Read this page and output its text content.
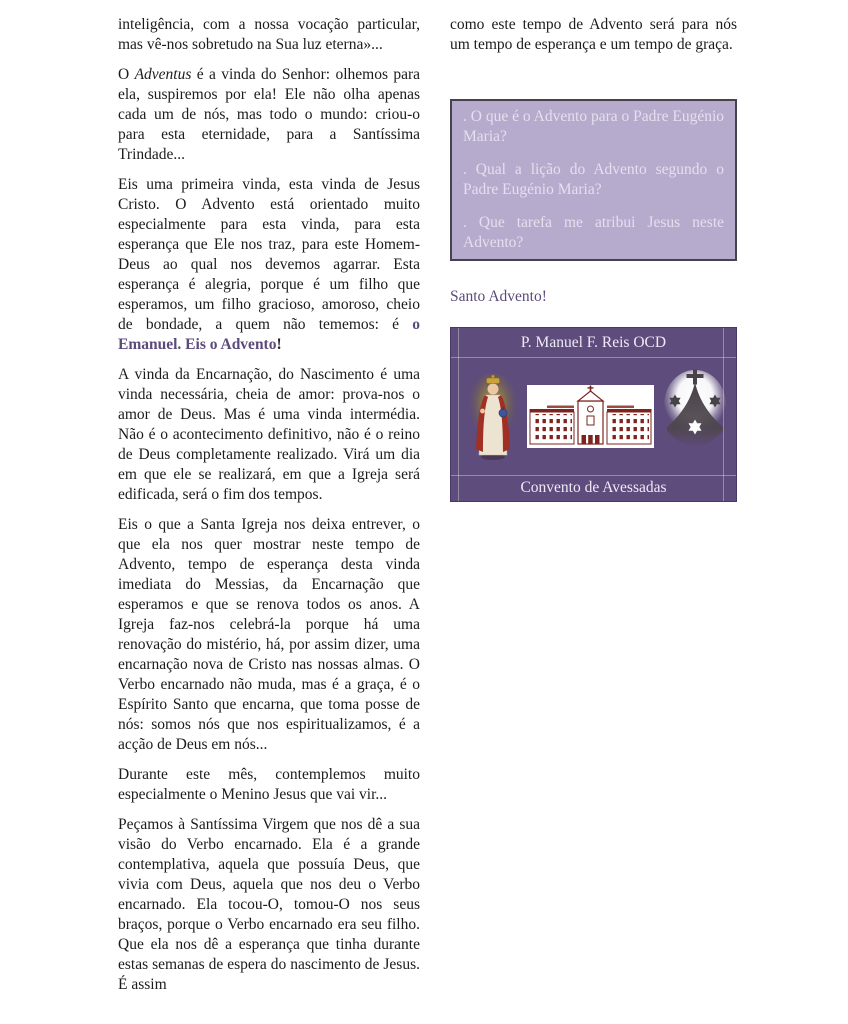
inteligência, com a nossa vocação particular, mas vê-nos sobretudo na Sua luz eterna»...

O Adventus é a vinda do Senhor: olhemos para ela, suspiremos por ela! Ele não olha apenas cada um de nós, mas todo o mundo: criou-o para esta eternidade, para a Santíssima Trindade...

Eis uma primeira vinda, esta vinda de Jesus Cristo. O Advento está orientado muito especialmente para esta vinda, para esta esperança que Ele nos traz, para este Homem-Deus ao qual nos devemos agarrar. Esta esperança é alegria, porque é um filho que esperamos, um filho gracioso, amoroso, cheio de bondade, a quem não tememos: é o Emanuel. Eis o Advento!

A vinda da Encarnação, do Nascimento é uma vinda necessária, cheia de amor: prova-nos o amor de Deus. Mas é uma vinda intermédia. Não é o acontecimento definitivo, não é o reino de Deus completamente realizado. Virá um dia em que ele se realizará, em que a Igreja será edificada, será o fim dos tempos.

Eis o que a Santa Igreja nos deixa entrever, o que ela nos quer mostrar neste tempo de Advento, tempo de esperança desta vinda imediata do Messias, da Encarnação que esperamos e que se renova todos os anos. A Igreja faz-nos celebrá-la porque há uma renovação do mistério, há, por assim dizer, uma encarnação nova de Cristo nas nossas almas. O Verbo encarnado não muda, mas é a graça, é o Espírito Santo que encarna, que toma posse de nós: somos nós que nos espiritualizamos, é a acção de Deus em nós...

Durante este mês, contemplemos muito especialmente o Menino Jesus que vai vir...

Peçamos à Santíssima Virgem que nos dê a sua visão do Verbo encarnado. Ela é a grande contemplativa, aquela que possuía Deus, que vivia com Deus, aquela que nos deu o Verbo encarnado. Ela tocou-O, tomou-O nos seus braços, porque o Verbo encarnado era seu filho. Que ela nos dê a esperança que tinha durante estas semanas de espera do nascimento de Jesus. É assim

como este tempo de Advento será para nós um tempo de esperança e um tempo de graça.

. O que é o Advento para o Padre Eugénio Maria?

. Qual a lição do Advento segundo o Padre Eugénio Maria?

. Que tarefa me atribui Jesus neste Advento?

Santo Advento!

P. Manuel F. Reis OCD
Convento de Avessadas
